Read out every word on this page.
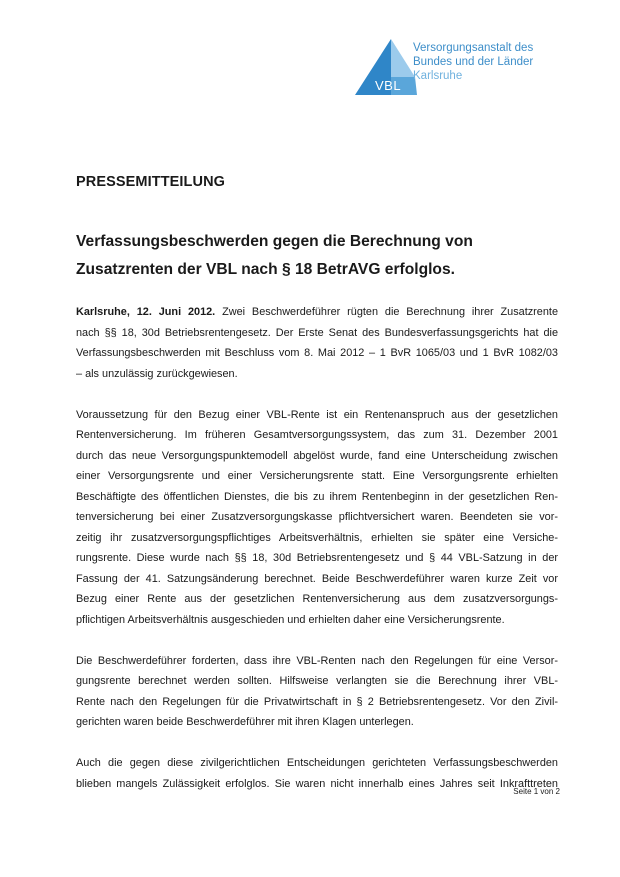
VBL
Versorgungsanstalt des
Bundes und der Länder
Karlsruhe
PRESSEMITTEILUNG
Verfassungsbeschwerden gegen die Berechnung von
Zusatzrenten der VBL nach § 18 BetrAVG erfolglos.

Karlsruhe, 12. Juni 2012. Zwei Beschwerdeführer rügten die Berechnung ihrer Zusatzrente
nach §§ 18, 30d Betriebsrentengesetz. Der Erste Senat des Bundesverfassungsgerichts hat die
Verfassungsbeschwerden mit Beschluss vom 8. Mai 2012 – 1 BvR 1065/03 und 1 BvR 1082/03
– als unzulässig zurückgewiesen.

Voraussetzung für den Bezug einer VBL-Rente ist ein Rentenanspruch aus der gesetzlichen
Rentenversicherung. Im früheren Gesamtversorgungssystem, das zum 31. Dezember 2001
durch das neue Versorgungspunktemodell abgelöst wurde, fand eine Unterscheidung zwischen
einer Versorgungsrente und einer Versicherungsrente statt. Eine Versorgungsrente erhielten
Beschäftigte des öffentlichen Dienstes, die bis zu ihrem Rentenbeginn in der gesetzlichen Ren-
tenversicherung bei einer Zusatzversorgungskasse pflichtversichert waren. Beendeten sie vor-
zeitig ihr zusatzversorgungspflichtiges Arbeitsverhältnis, erhielten sie später eine Versiche-
rungsrente. Diese wurde nach §§ 18, 30d Betriebsrentengesetz und § 44 VBL-Satzung in der
Fassung der 41. Satzungsänderung berechnet. Beide Beschwerdeführer waren kurze Zeit vor
Bezug einer Rente aus der gesetzlichen Rentenversicherung aus dem zusatzversorgungs-
pflichtigen Arbeitsverhältnis ausgeschieden und erhielten daher eine Versicherungsrente.

Die Beschwerdeführer forderten, dass ihre VBL-Renten nach den Regelungen für eine Versor-
gungsrente berechnet werden sollten. Hilfsweise verlangten sie die Berechnung ihrer VBL-
Rente nach den Regelungen für die Privatwirtschaft in § 2 Betriebsrentengesetz. Vor den Zivil-
gerichten waren beide Beschwerdeführer mit ihren Klagen unterlegen.

Auch die gegen diese zivilgerichtlichen Entscheidungen gerichteten Verfassungsbeschwerden
blieben mangels Zulässigkeit erfolglos. Sie waren nicht innerhalb eines Jahres seit Inkrafttreten

Seite 1 von 2
